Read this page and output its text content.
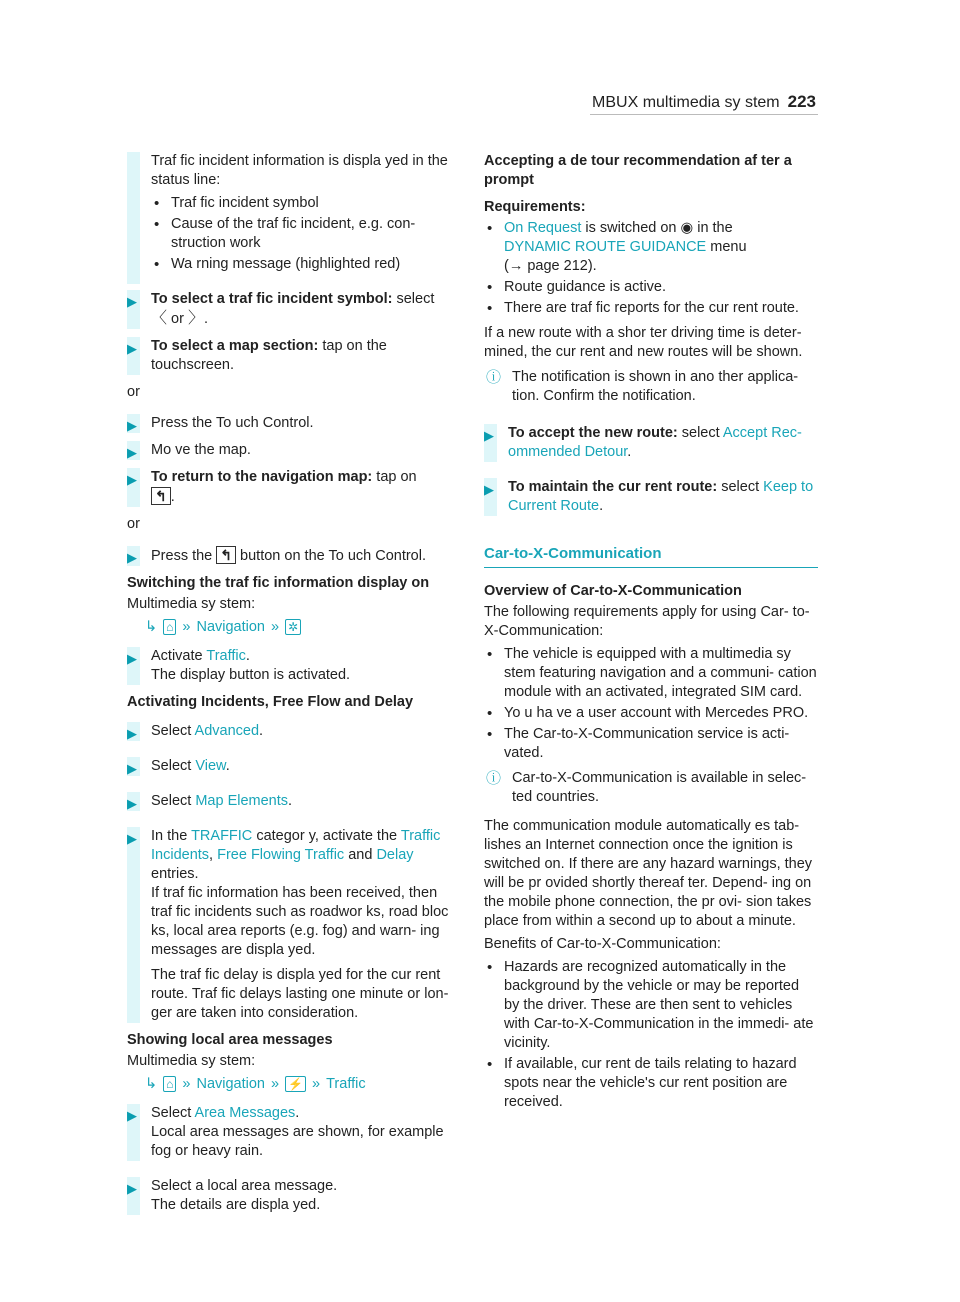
MBUX multimedia sy stem 223

Traf fic incident information is displa yed in the status line:

• Traf fic incident symbol
• Cause of the traf fic incident, e.g. con‐ struction work
• Wa rning message (highlighted red)
▶ To select a traf fic incident symbol: select
〈 or 〉.
▶ To select a map section: tap on the touchscreen.
or
▶ Press the To uch Control.
▶ Mo ve the map.
▶ To return to the navigation map: tap on
↰ .
or
▶ Press the ↰ button on the To uch Control.
Switching the traf fic information display on
Multimedia sy stem:
↳ ⌂ » Navigation » ✲
▶ Activate Traffic.
The display button is activated.
Activating Incidents, Free Flow and Delay
▶ Select Advanced.
▶ Select View.
▶ Select Map Elements.
▶ In the TRAFFIC categor y, activate the Traffic Incidents, Free Flowing Traffic and Delay
entries.
If traf fic information has been received, then traf fic incidents such as roadwor ks, road bloc ks, local area reports (e.g. fog) and warn‐ ing messages are displa yed.

The traf fic delay is displa yed for the cur rent route. Traf fic delays lasting one minute or lon‐ ger are taken into consideration.

Showing local area messages
Multimedia sy stem:
↳ ⌂ » Navigation » ⚡ » Traffic
▶ Select Area Messages.
Local area messages are shown, for example fog or heavy rain.
▶ Select a local area message.
The details are displa yed.
Accepting a de tour recommendation af ter a prompt
Requirements:
• On Request is switched on ◉ in the
DYNAMIC ROUTE GUIDANCE menu
(→ page 212).
• Route guidance is active.
• There are traf fic reports for the cur rent route.

If a new route with a shor ter driving time is deter‐ mined, the cur rent and new routes will be shown.

ⓘ The notification is shown in ano ther applica‐ tion. Confirm the notification.
▶ To accept the new route: select Accept Rec‐ ommended Detour.
▶ To maintain the cur rent route: select Keep to Current Route.
Car-to-X-Communication
Overview of Car-to-X-Communication

The following requirements apply for using Car- to-X-Communication:

• The vehicle is equipped with a multimedia sy stem featuring navigation and a communi‐ cation module with an activated, integrated SIM card.
• Yo u ha ve a user account with Mercedes PRO.
• The Car-to-X-Communication service is acti‐ vated.
ⓘ Car-to-X-Communication is available in selec‐ ted countries.

The communication module automatically es tab‐ lishes an Internet connection once the ignition is switched on. If there are any hazard warnings, they will be pr ovided shortly thereaf ter. Depend‐ ing on the mobile phone connection, the pr ovi‐ sion takes place from within a second up to about a minute.

Benefits of Car-to-X-Communication:

• Hazards are recognized automatically in the background by the vehicle or may be reported by the driver. These are then sent to vehicles with Car-to-X-Communication in the immedi‐ ate vicinity.
• If available, cur rent de tails relating to hazard spots near the vehicle's cur rent position are received.
